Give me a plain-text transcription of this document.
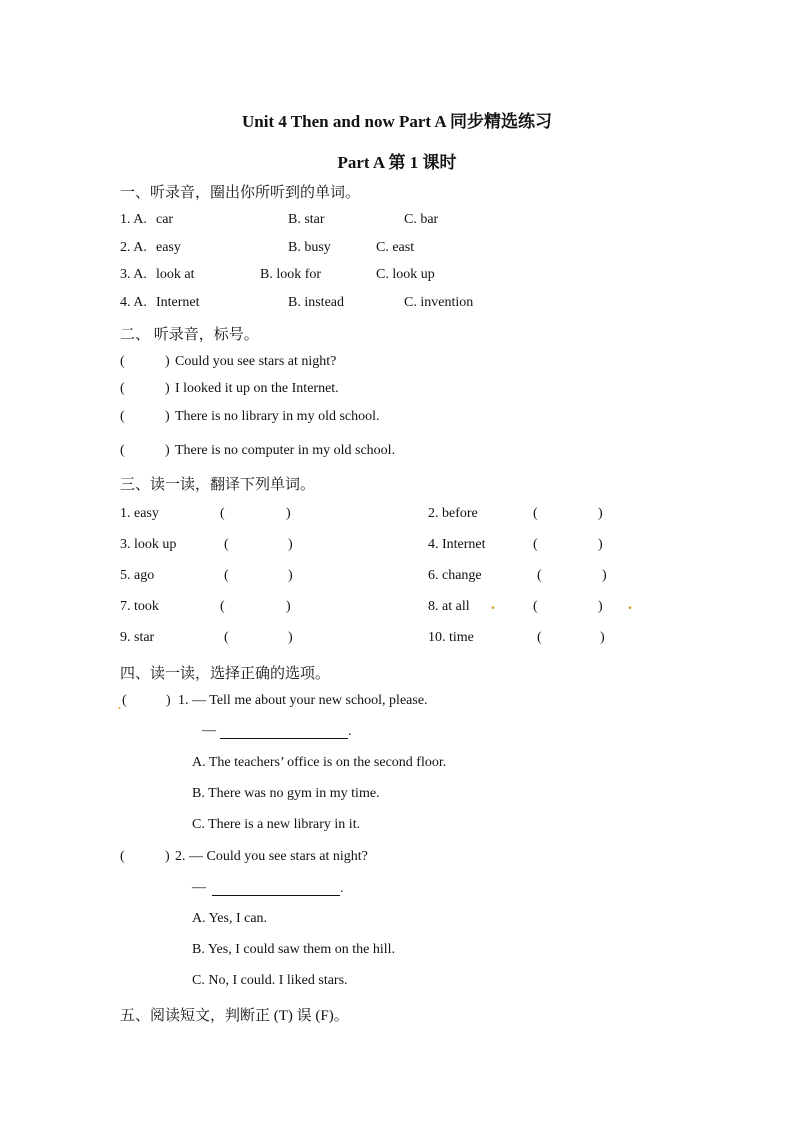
Unit 4 Then and now Part A 同步精选练习
Part A 第 1 课时
一、听录音，圈出你所听到的单词。
1. A. car	B. star	C. bar
2. A. easy	B. busy	C. east
3. A. look at	B. look for	C. look up
4. A. Internet	B. instead	C. invention
二、 听录音，标号。
(	) Could you see stars at night?
(	) I looked it up on the Internet.
(	) There is no library in my old school.
(	) There is no computer in my old school.
三、读一读，翻译下列单词。
1. easy	(	)	2. before	(	)
3. look up	(	)	4. Internet	(	)
5. ago	(	)	6. change	(	)
7. took	(	)	8. at all .	(	) .
9. star	(	)	10. time	(	)
四、读一读，选择正确的选项。
. (	) 1. — Tell me about your new school, please.
—	.
A. The teachers’ office is on the second floor.
B. There was no gym in my time.
C. There is a new library in it.
(	) 2. — Could you see stars at night?
—	.
A. Yes, I can.
B. Yes, I could saw them on the hill.
C. No, I could. I liked stars.
五、阅读短文，判断正 (T) 误 (F)。
